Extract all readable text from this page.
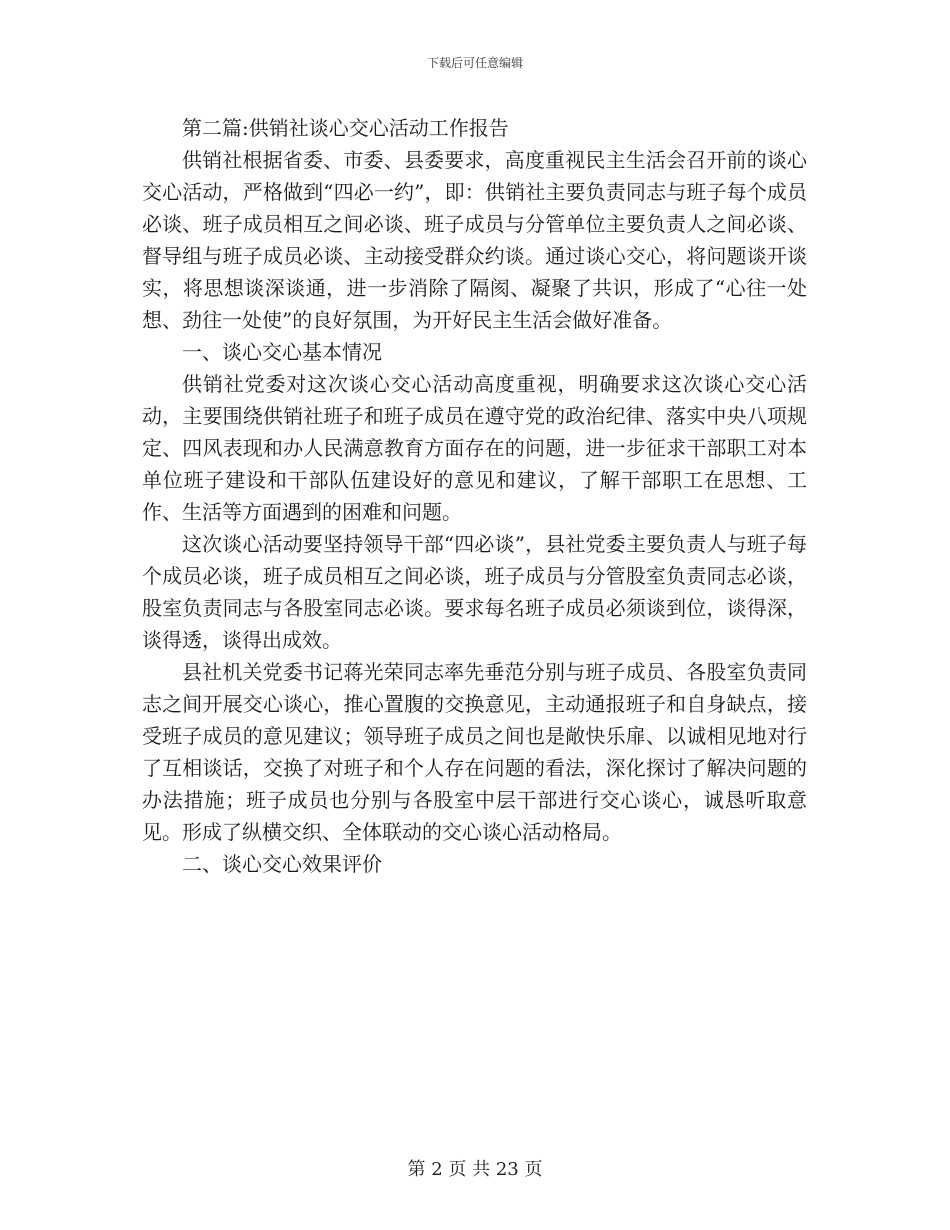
下载后可任意编辑

第二篇:供销社谈心交心活动工作报告

供销社根据省委、市委、县委要求，高度重视民主生活会召开前的谈心交心活动，严格做到“四必一约”，即：供销社主要负责同志与班子每个成员必谈、班子成员相互之间必谈、班子成员与分管单位主要负责人之间必谈、督导组与班子成员必谈、主动接受群众约谈。通过谈心交心，将问题谈开谈实，将思想谈深谈通，进一步消除了隔阂、凝聚了共识，形成了“心往一处想、劲往一处使”的良好氛围，为开好民主生活会做好准备。

一、谈心交心基本情况

供销社党委对这次谈心交心活动高度重视，明确要求这次谈心交心活动，主要围绕供销社班子和班子成员在遵守党的政治纪律、落实中央八项规定、四风表现和办人民满意教育方面存在的问题，进一步征求干部职工对本单位班子建设和干部队伍建设好的意见和建议，了解干部职工在思想、工作、生活等方面遇到的困难和问题。

这次谈心活动要坚持领导干部“四必谈”，县社党委主要负责人与班子每个成员必谈，班子成员相互之间必谈，班子成员与分管股室负责同志必谈，股室负责同志与各股室同志必谈。要求每名班子成员必须谈到位，谈得深，谈得透，谈得出成效。

县社机关党委书记蒋光荣同志率先垂范分别与班子成员、各股室负责同志之间开展交心谈心，推心置腹的交换意见，主动通报班子和自身缺点，接受班子成员的意见建议；领导班子成员之间也是敞快乐扉、以诚相见地对行了互相谈话，交换了对班子和个人存在问题的看法，深化探讨了解决问题的办法措施；班子成员也分别与各股室中层干部进行交心谈心，诚恳听取意见。形成了纵横交织、全体联动的交心谈心活动格局。

二、谈心交心效果评价

第 2 页 共 23 页
